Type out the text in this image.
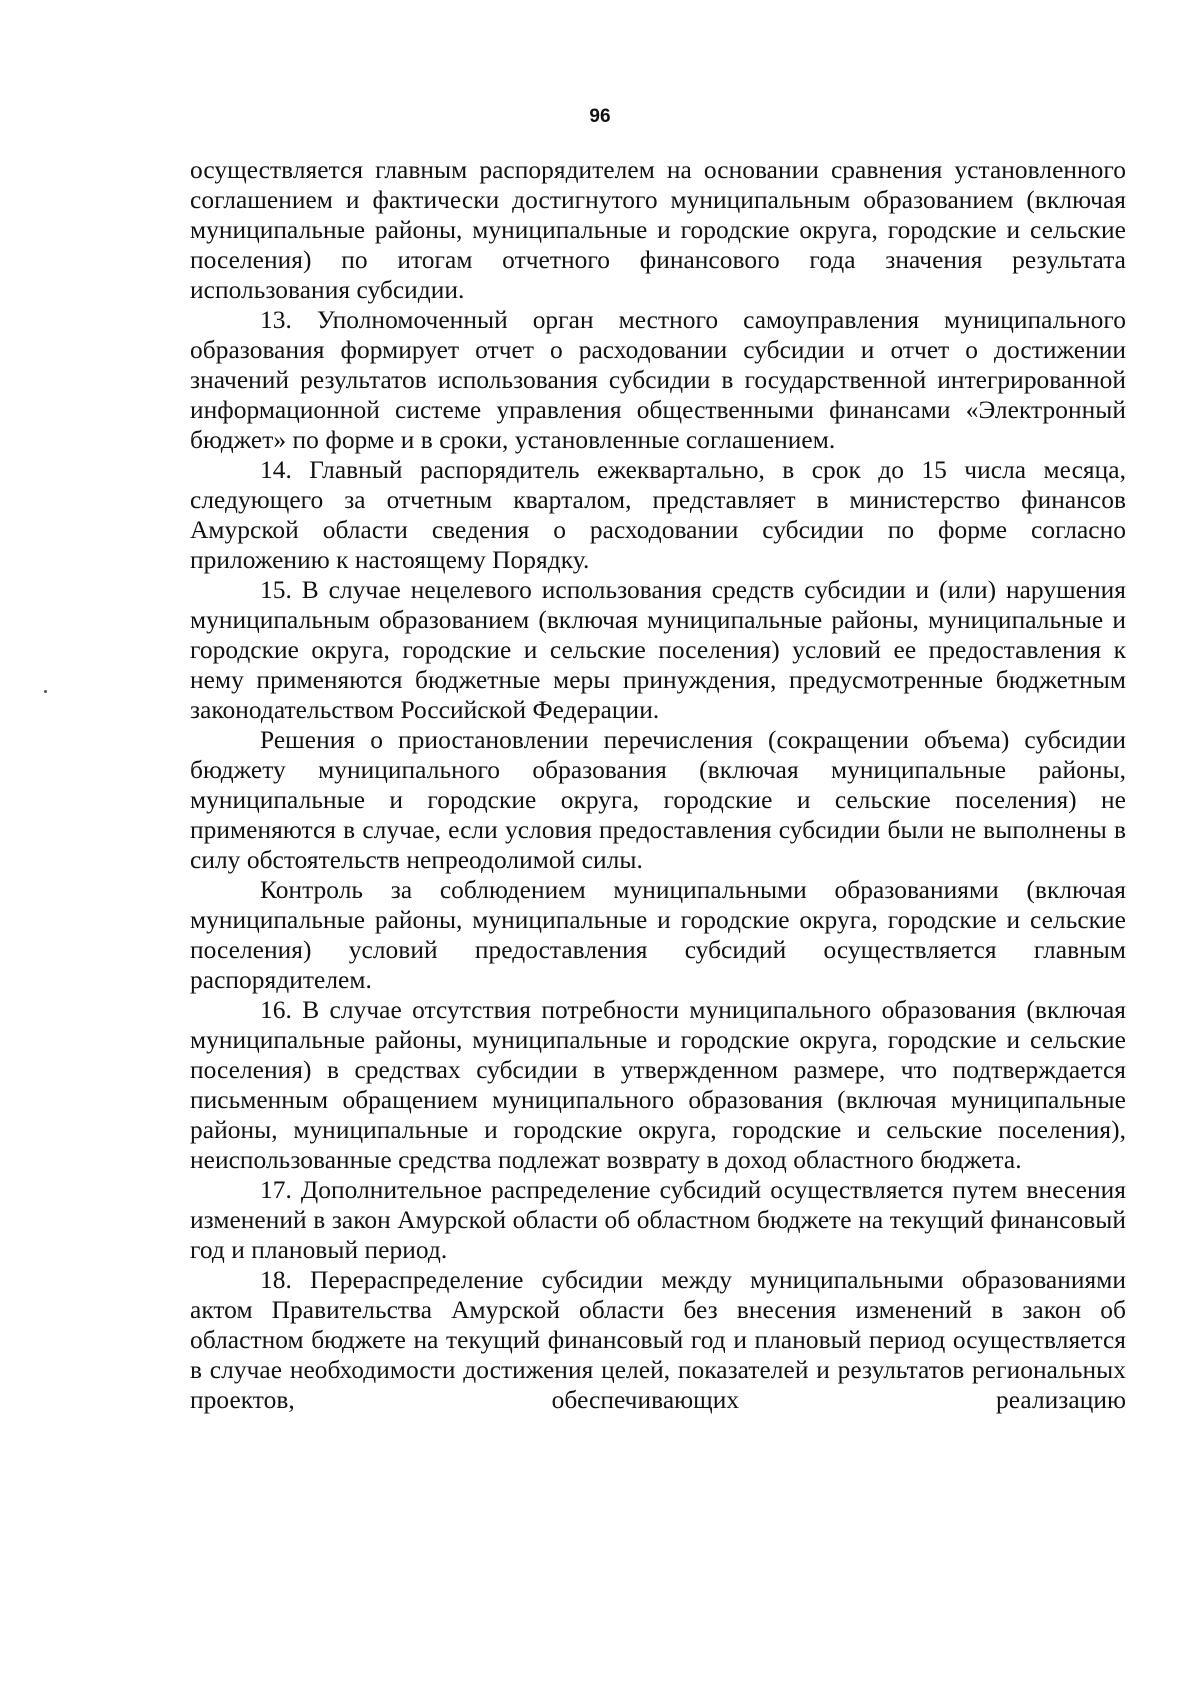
96

осуществляется главным распорядителем на основании сравнения установленного соглашением и фактически достигнутого муниципальным образованием (включая муниципальные районы, муниципальные и городские округа, городские и сельские поселения) по итогам отчетного финансового года значения результата использования субсидии.

13. Уполномоченный орган местного самоуправления муниципального образования формирует отчет о расходовании субсидии и отчет о достижении значений результатов использования субсидии в государственной интегрированной информационной системе управления общественными финансами «Электронный бюджет» по форме и в сроки, установленные соглашением.

14. Главный распорядитель ежеквартально, в срок до 15 числа месяца, следующего за отчетным кварталом, представляет в министерство финансов Амурской области сведения о расходовании субсидии по форме согласно приложению к настоящему Порядку.

15. В случае нецелевого использования средств субсидии и (или) нарушения муниципальным образованием (включая муниципальные районы, муниципальные и городские округа, городские и сельские поселения) условий ее предоставления к нему применяются бюджетные меры принуждения, предусмотренные бюджетным законодательством Российской Федерации.

Решения о приостановлении перечисления (сокращении объема) субсидии бюджету муниципального образования (включая муниципальные районы, муниципальные и городские округа, городские и сельские поселения) не применяются в случае, если условия предоставления субсидии были не выполнены в силу обстоятельств непреодолимой силы.

Контроль за соблюдением муниципальными образованиями (включая муниципальные районы, муниципальные и городские округа, городские и сельские поселения) условий предоставления субсидий осуществляется главным распорядителем.

16. В случае отсутствия потребности муниципального образования (включая муниципальные районы, муниципальные и городские округа, городские и сельские поселения) в средствах субсидии в утвержденном размере, что подтверждается письменным обращением муниципального образования (включая муниципальные районы, муниципальные и городские округа, городские и сельские поселения), неиспользованные средства подлежат возврату в доход областного бюджета.

17. Дополнительное распределение субсидий осуществляется путем внесения изменений в закон Амурской области об областном бюджете на текущий финансовый год и плановый период.

18. Перераспределение субсидии между муниципальными образованиями актом Правительства Амурской области без внесения изменений в закон об областном бюджете на текущий финансовый год и плановый период осуществляется в случае необходимости достижения целей, показателей и результатов региональных проектов, обеспечивающих реализацию
